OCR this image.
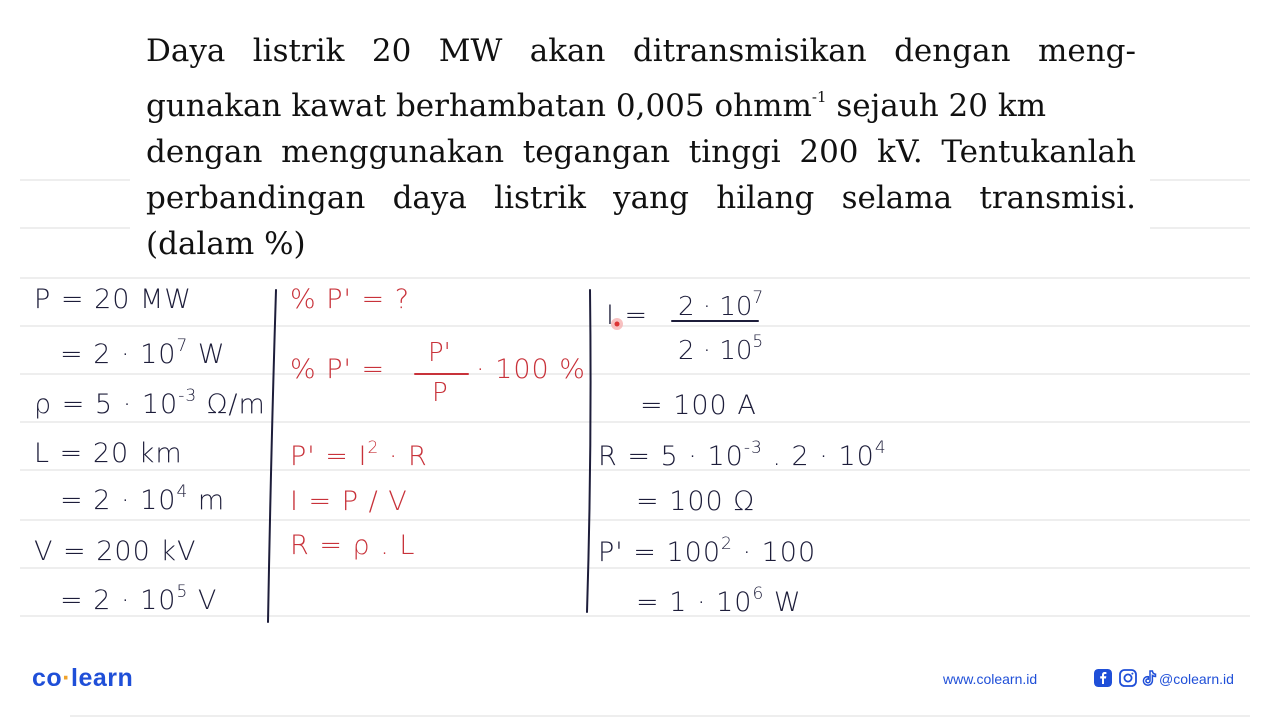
Daya listrik 20 MW akan ditransmisikan dengan meng-
gunakan kawat berhambatan 0,005 ohmm$^{-1}$ sejauh 20 km
dengan menggunakan tegangan tinggi 200 kV. Tentukanlah
perbandingan daya listrik yang hilang selama transmisi.
(dalam %)
P = 20 MW
= $2 \cdot 10^7$ W
$\rho = 5 \cdot 10^{-3}$ Ω/m
L = 20 km
= $2 \cdot 10^4$ m
V = 200 kV
= $2 \cdot 10^5$ V
% P' = ?
% P' =
P'
P
· 100 %
$P' = I^2 \cdot R$
I = P / V
R = ρ . L
$I = 2 \cdot 10^7$
$2 \cdot 10^5$
= 100 A
$R = 5 \cdot 10^{-3}$ . $2 \cdot 10^4$
= 100 Ω
$P' = 100^2 \cdot 100$
= $1 \cdot 10^6$ W
co·learn	www.colearn.id	@colearn.id
